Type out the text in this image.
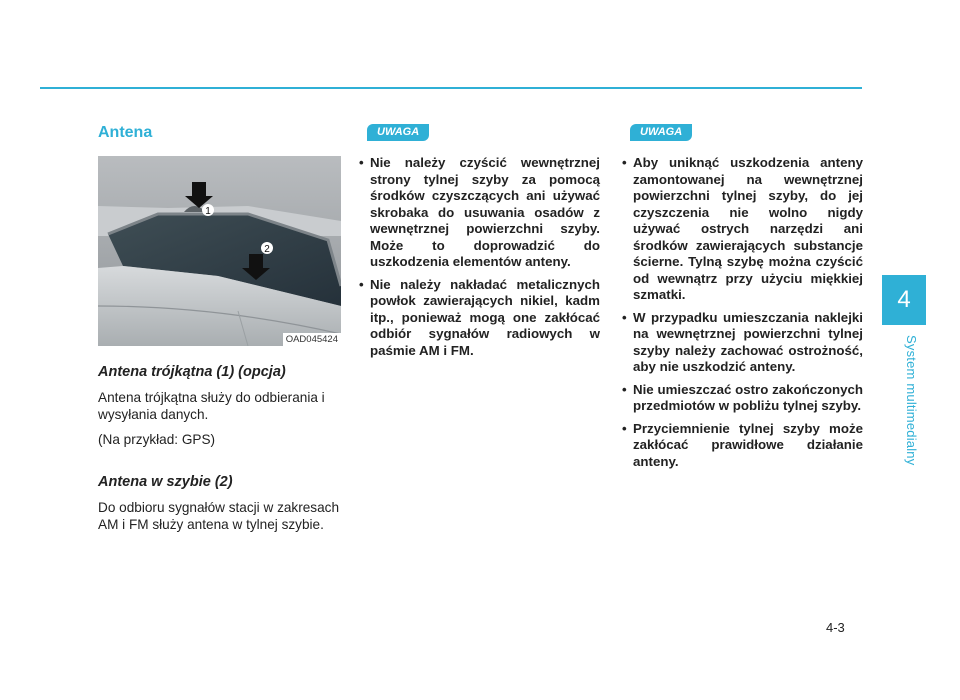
4
System multimedialny
Antena
1
2
OAD045424
Antena trójkątna (1) (opcja)

Antena trójkątna służy do odbierania i wysyłania danych.

(Na przykład: GPS)

Antena w szybie (2)

Do odbioru sygnałów stacji w zakresach AM i FM służy antena w tylnej szybie.

UWAGA
• Nie należy czyścić wewnętrznej strony tylnej szyby za pomocą środków czyszczących ani używać skrobaka do usuwania osadów z wewnętrznej powierzchni szyby. Może to doprowadzić do uszkodzenia elementów anteny.
• Nie należy nakładać metalicznych powłok zawierających nikiel, kadm itp., ponieważ mogą one zakłócać odbiór sygnałów radiowych w paśmie AM i FM.
UWAGA
• Aby uniknąć uszkodzenia anteny zamontowanej na wewnętrznej powierzchni tylnej szyby, do jej czyszczenia nie wolno nigdy używać ostrych narzędzi ani środków zawierających substancje ścierne. Tylną szybę można czyścić od wewnątrz przy użyciu miękkiej szmatki.
• W przypadku umieszczania naklejki na wewnętrznej powierzchni tylnej szyby należy zachować ostrożność, aby nie uszkodzić anteny.
• Nie umieszczać ostro zakończonych przedmiotów w pobliżu tylnej szyby.
• Przyciemnienie tylnej szyby może zakłócać prawidłowe działanie anteny.
4-3
